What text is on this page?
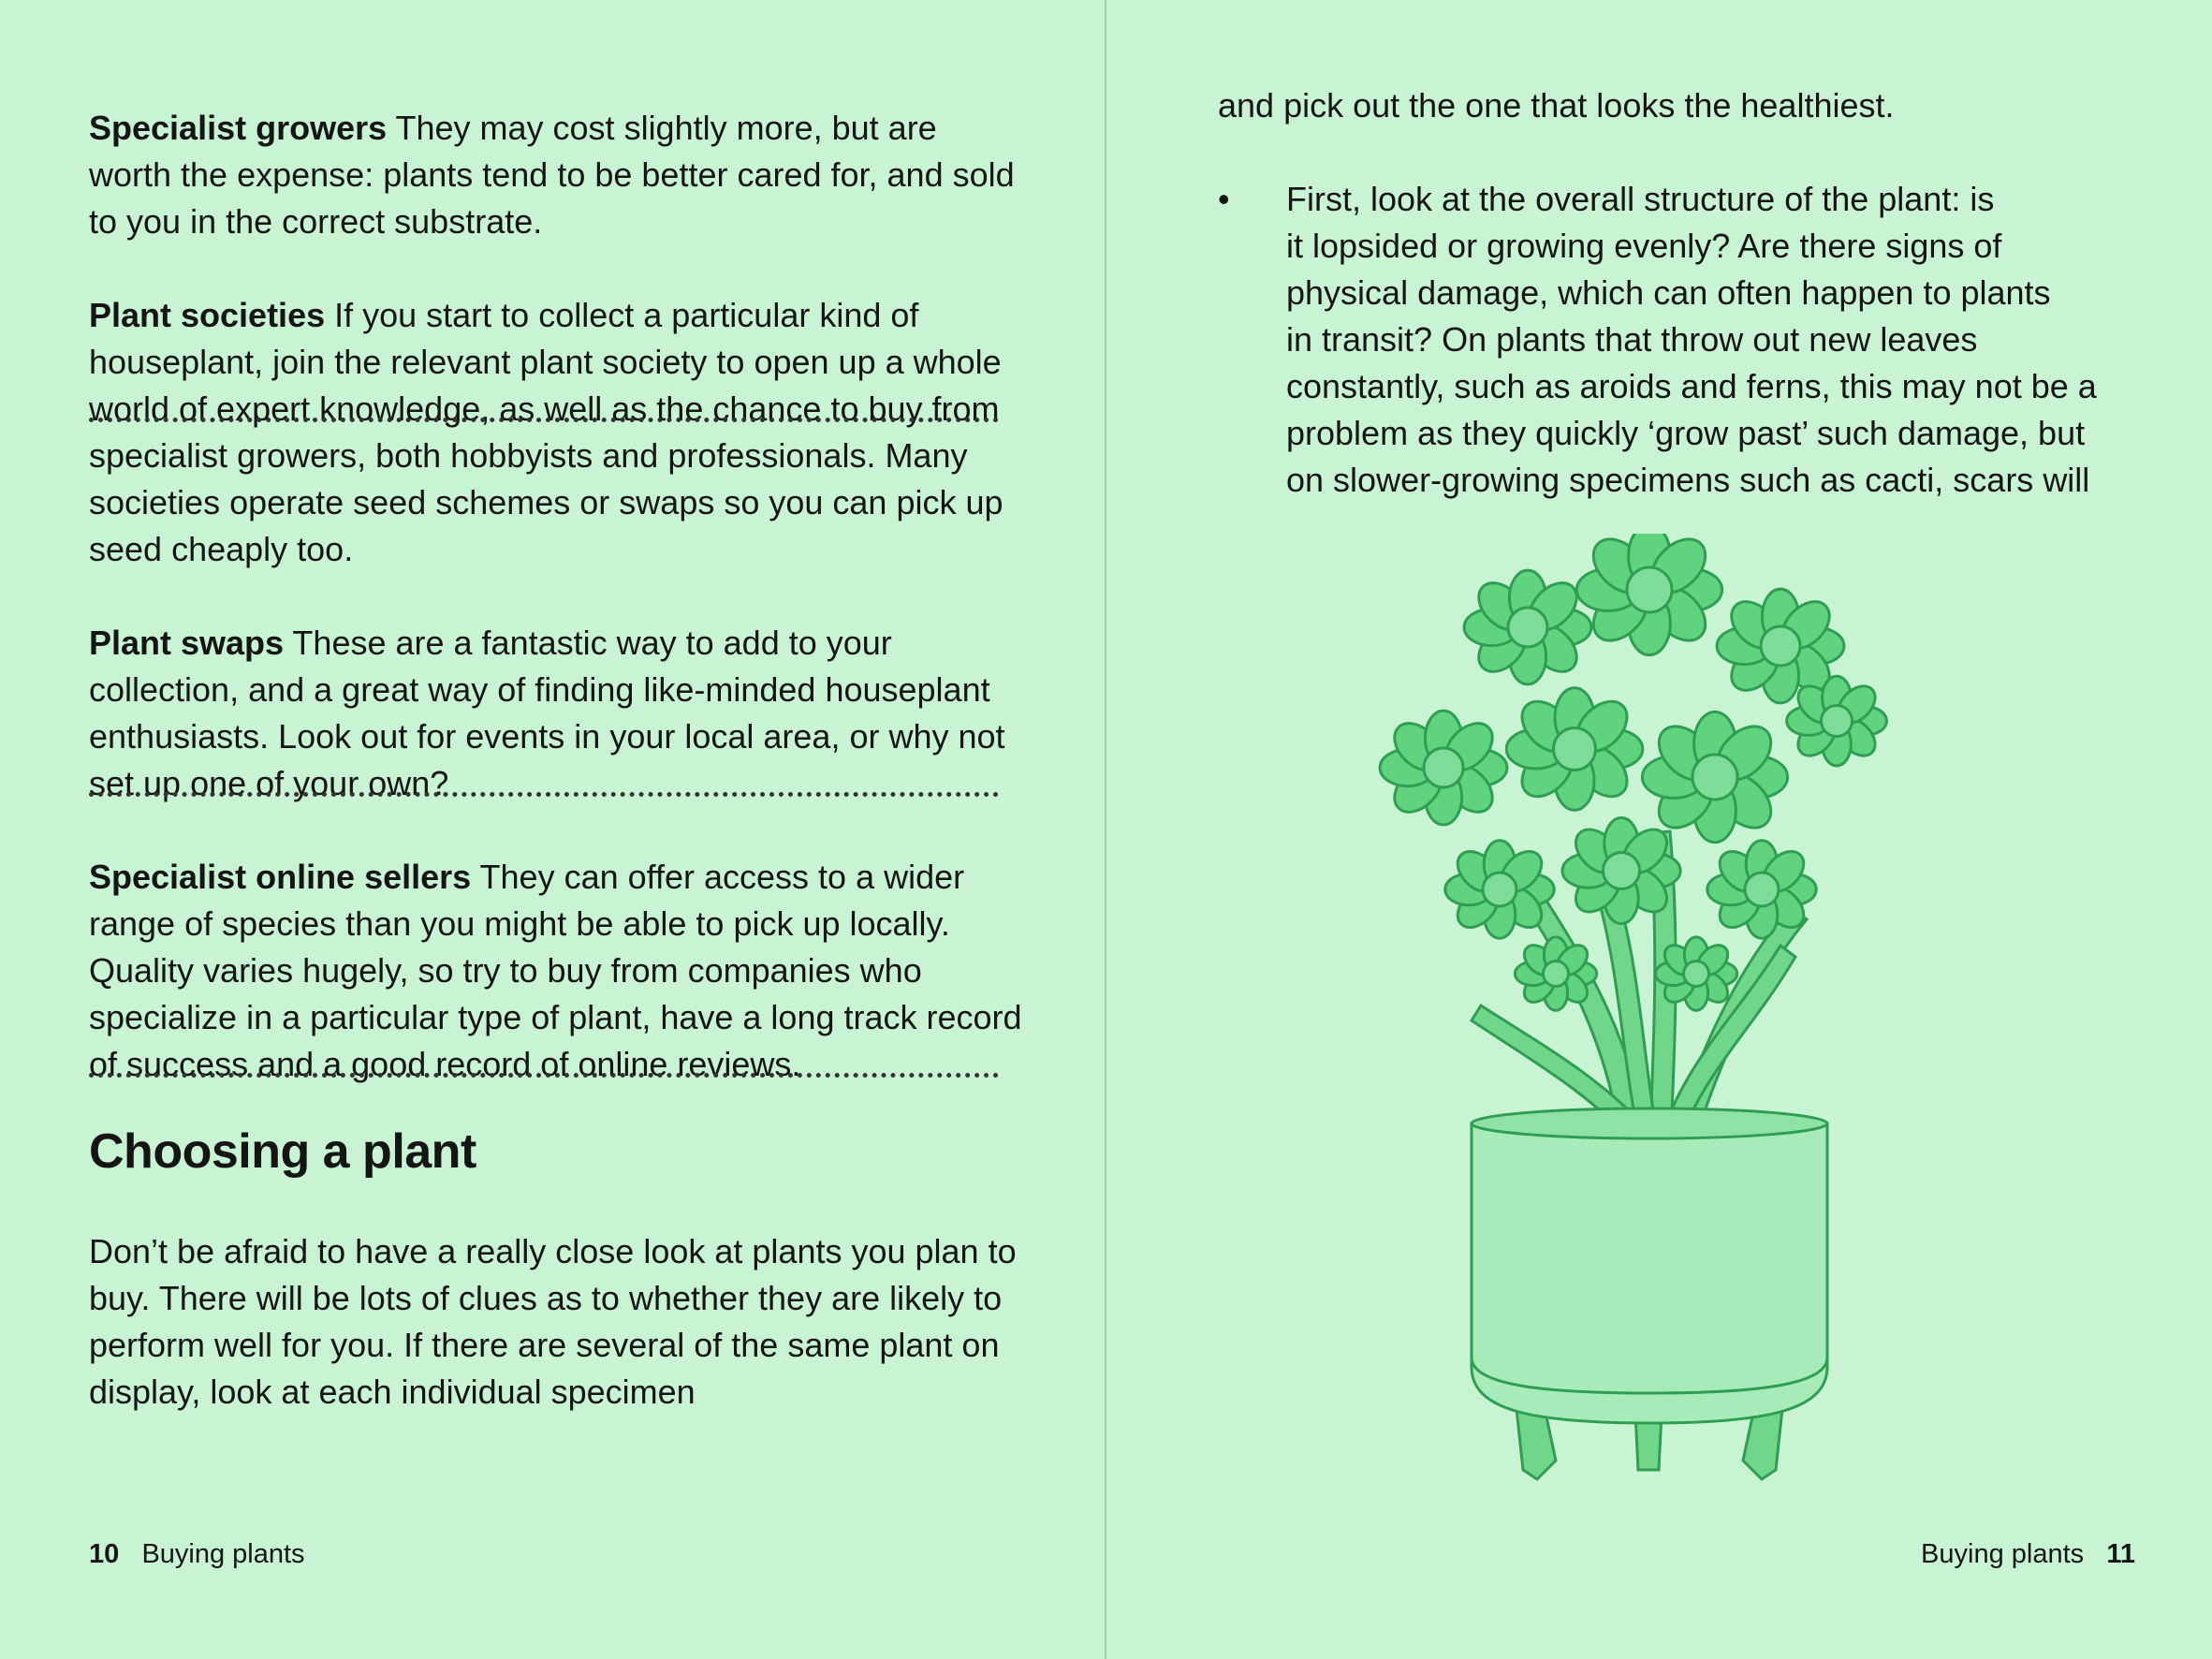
Specialist growers They may cost slightly more, but are worth the expense: plants tend to be better cared for, and sold to you in the correct substrate.

Plant societies If you start to collect a particular kind of houseplant, join the relevant plant society to open up a whole world of expert knowledge, as well as the chance to buy from specialist growers, both hobbyists and professionals. Many societies operate seed schemes or swaps so you can pick up seed cheaply too.

Plant swaps These are a fantastic way to add to your collection, and a great way of finding like-minded houseplant enthusiasts. Look out for events in your local area, or why not set up one of your own?

Specialist online sellers They can offer access to a wider range of species than you might be able to pick up locally. Quality varies hugely, so try to buy from companies who specialize in a particular type of plant, have a long track record of success and a good record of online reviews.

Choosing a plant

Don’t be afraid to have a really close look at plants you plan to buy. There will be lots of clues as to whether they are likely to perform well for you. If there are several of the same plant on display, look at each individual specimen

10 Buying plants
and pick out the one that looks the healthiest.
• First, look at the overall structure of the plant: is
it lopsided or growing evenly? Are there signs of
physical damage, which can often happen to plants
in transit? On plants that throw out new leaves
constantly, such as aroids and ferns, this may not be a
problem as they quickly ‘grow past’ such damage, but
on slower-growing specimens such as cacti, scars will

Buying plants 11
